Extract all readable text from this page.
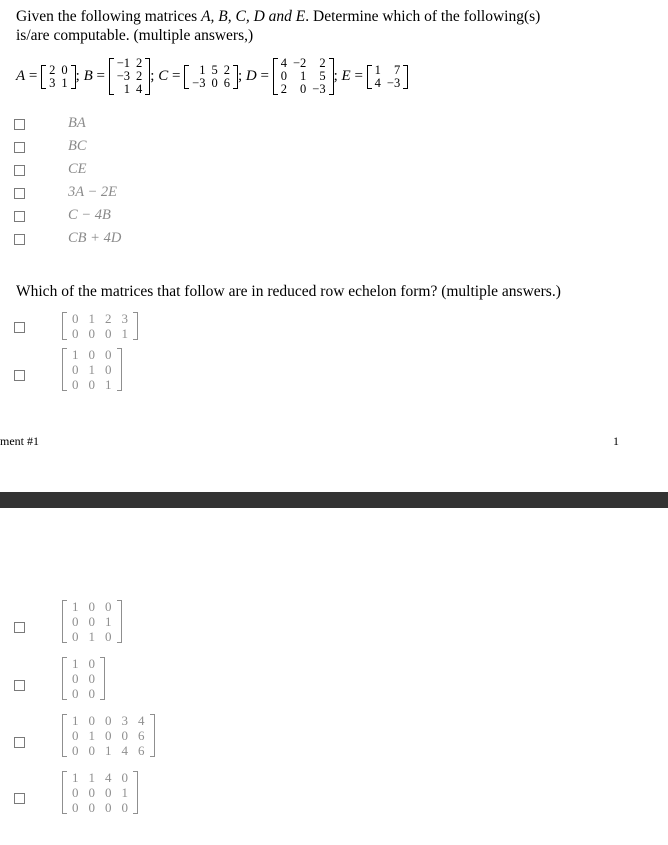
Given the following matrices A, B, C, D and E. Determine which of the following(s)
is/are computable. (multiple answers,)
A = 2	0
3	1 ; B =
−1	2
−3	2
1	4
; C = 1	5	2
−3	0	6 ; D =
4	−2	2
0	1	5
2	0	−3
; E = 1	7
4	−3
BA
BC
CE
3A − 2E
C − 4B
CB + 4D
Which of the matrices that follow are in reduced row echelon form? (multiple answers.)
0	1	2	3
0	0	0	1
1	0	0
0	1	0
0	0	1
ment #1	1
1	0	0
0	0	1
0	1	0
1	0
0	0
0	0
1	0	0	3	4
0	1	0	0	6
0	0	1	4	6
1	1	4	0
0	0	0	1
0	0	0	0
